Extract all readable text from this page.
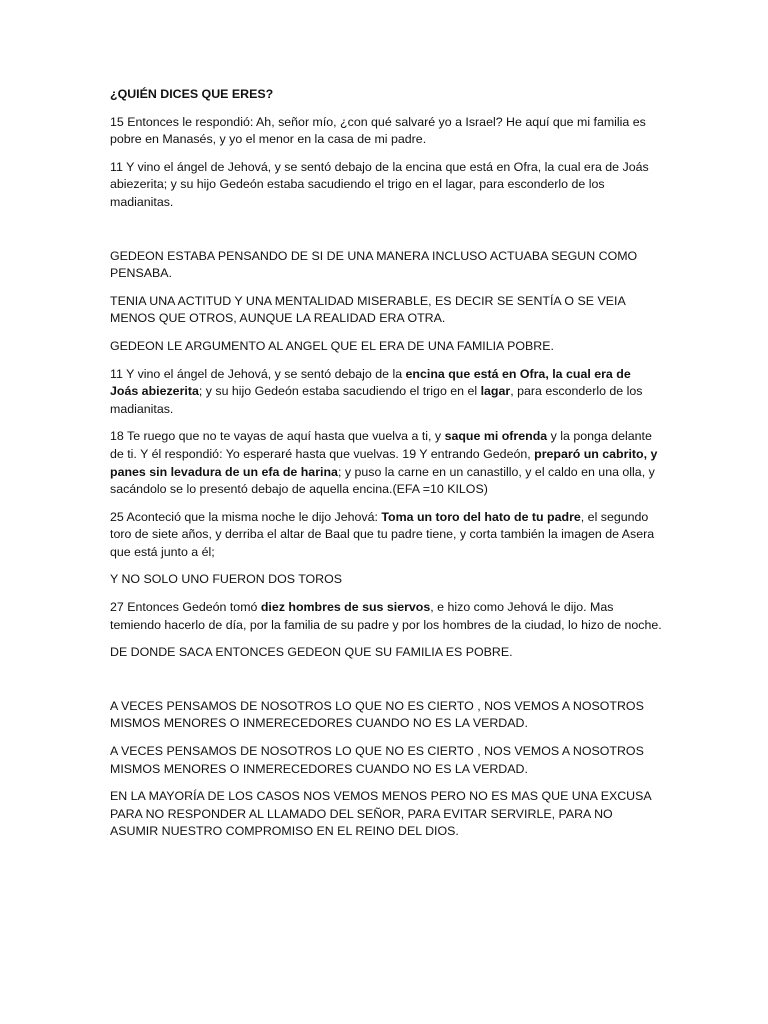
¿QUIÉN DICES QUE ERES?

15 Entonces le respondió: Ah, señor mío, ¿con qué salvaré yo a Israel? He aquí que mi familia es pobre en Manasés, y yo el menor en la casa de mi padre.

11 Y vino el ángel de Jehová, y se sentó debajo de la encina que está en Ofra, la cual era de Joás abiezerita; y su hijo Gedeón estaba sacudiendo el trigo en el lagar, para esconderlo de los madianitas.

GEDEON ESTABA PENSANDO DE SI DE UNA MANERA INCLUSO ACTUABA SEGUN COMO PENSABA.

TENIA UNA ACTITUD Y UNA MENTALIDAD MISERABLE, ES DECIR SE SENTÍA O SE VEIA MENOS QUE OTROS, AUNQUE LA REALIDAD ERA OTRA.

GEDEON LE ARGUMENTO AL ANGEL QUE EL ERA DE UNA FAMILIA POBRE.

11 Y vino el ángel de Jehová, y se sentó debajo de la encina que está en Ofra, la cual era de Joás abiezerita; y su hijo Gedeón estaba sacudiendo el trigo en el lagar, para esconderlo de los madianitas.

18 Te ruego que no te vayas de aquí hasta que vuelva a ti, y saque mi ofrenda y la ponga delante de ti. Y él respondió: Yo esperaré hasta que vuelvas. 19 Y entrando Gedeón, preparó un cabrito, y panes sin levadura de un efa de harina; y puso la carne en un canastillo, y el caldo en una olla, y sacándolo se lo presentó debajo de aquella encina.(EFA =10 KILOS)

25 Aconteció que la misma noche le dijo Jehová: Toma un toro del hato de tu padre, el segundo toro de siete años, y derriba el altar de Baal que tu padre tiene, y corta también la imagen de Asera que está junto a él;

Y NO SOLO UNO FUERON DOS TOROS

27 Entonces Gedeón tomó diez hombres de sus siervos, e hizo como Jehová le dijo. Mas temiendo hacerlo de día, por la familia de su padre y por los hombres de la ciudad, lo hizo de noche.

DE DONDE SACA ENTONCES GEDEON QUE SU FAMILIA ES POBRE.

A VECES PENSAMOS DE NOSOTROS LO QUE NO ES CIERTO , NOS VEMOS A NOSOTROS MISMOS MENORES O INMERECEDORES CUANDO NO ES LA VERDAD.

A VECES PENSAMOS DE NOSOTROS LO QUE NO ES CIERTO , NOS VEMOS A NOSOTROS MISMOS MENORES O INMERECEDORES CUANDO NO ES LA VERDAD.

EN LA MAYORÍA DE LOS CASOS NOS VEMOS MENOS PERO NO ES MAS QUE UNA EXCUSA PARA NO RESPONDER AL LLAMADO DEL SEÑOR, PARA EVITAR SERVIRLE, PARA NO ASUMIR NUESTRO COMPROMISO EN EL REINO DEL DIOS.
